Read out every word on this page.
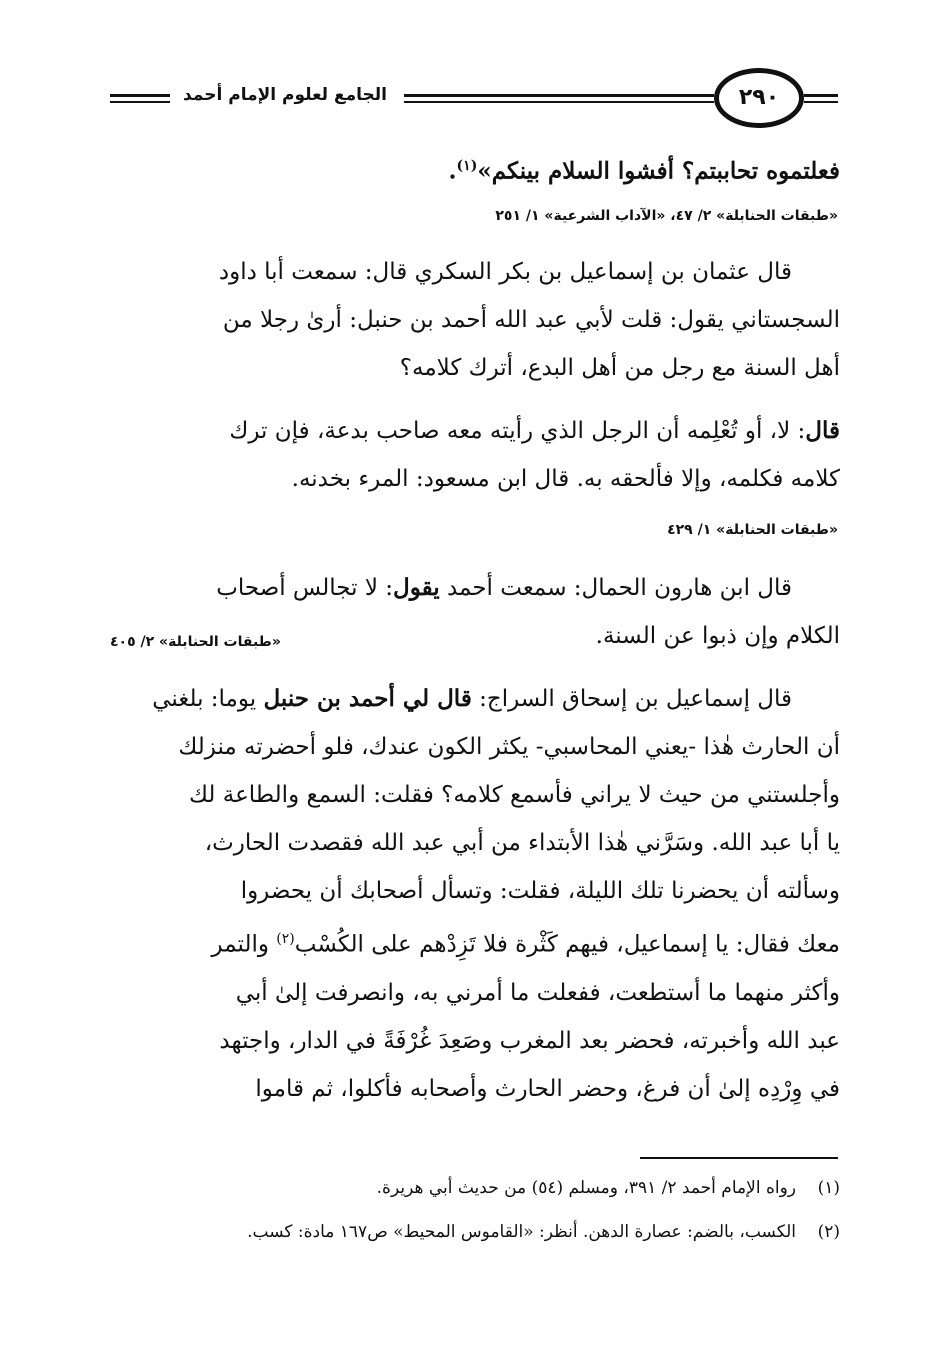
الجامع لعلوم الإمام أحمد	٢٩٠
فعلتموه تحاببتم؟ أفشوا السلام بينكم»$^{(١)}$.
«طبقات الحنابلة» ٢/ ٤٧، «الآداب الشرعية» ١/ ٢٥١
قال عثمان بن إسماعيل بن بكر السكري قال: سمعت أبا داود
السجستاني يقول: قلت لأبي عبد الله أحمد بن حنبل: أرىٰ رجلا من
أهل السنة مع رجل من أهل البدع، أترك كلامه؟
قال: لا، أو تُعْلِمه أن الرجل الذي رأيته معه صاحب بدعة، فإن ترك
كلامه فكلمه، وإلا فألحقه به. قال ابن مسعود: المرء بخدنه.
«طبقات الحنابلة» ١/ ٤٢٩
قال ابن هارون الحمال: سمعت أحمد يقول: لا تجالس أصحاب
الكلام وإن ذبوا عن السنة.
«طبقات الحنابلة» ٢/ ٤٠٥
قال إسماعيل بن إسحاق السراج: قال لي أحمد بن حنبل يوما: بلغني
أن الحارث هٰذا -يعني المحاسبي- يكثر الكون عندك، فلو أحضرته منزلك
وأجلستني من حيث لا يراني فأسمع كلامه؟ فقلت: السمع والطاعة لك
يا أبا عبد الله. وسَرَّني هٰذا الأبتداء من أبي عبد الله فقصدت الحارث،
وسألته أن يحضرنا تلك الليلة، فقلت: وتسأل أصحابك أن يحضروا
معك فقال: يا إسماعيل، فيهم كَثْرة فلا تَزِدْهم على الكُسْب$^{(٢)}$ والتمر
وأكثر منهما ما أستطعت، ففعلت ما أمرني به، وانصرفت إلىٰ أبي
عبد الله وأخبرته، فحضر بعد المغرب وصَعِدَ غُرْفَةً في الدار، واجتهد
في وِرْدِه إلىٰ أن فرغ، وحضر الحارث وأصحابه فأكلوا، ثم قاموا
(١)رواه الإمام أحمد ٢/ ٣٩١، ومسلم (٥٤) من حديث أبي هريرة.
(٢)الكسب، بالضم: عصارة الدهن. أنظر: «القاموس المحيط» ص١٦٧ مادة: كسب.
